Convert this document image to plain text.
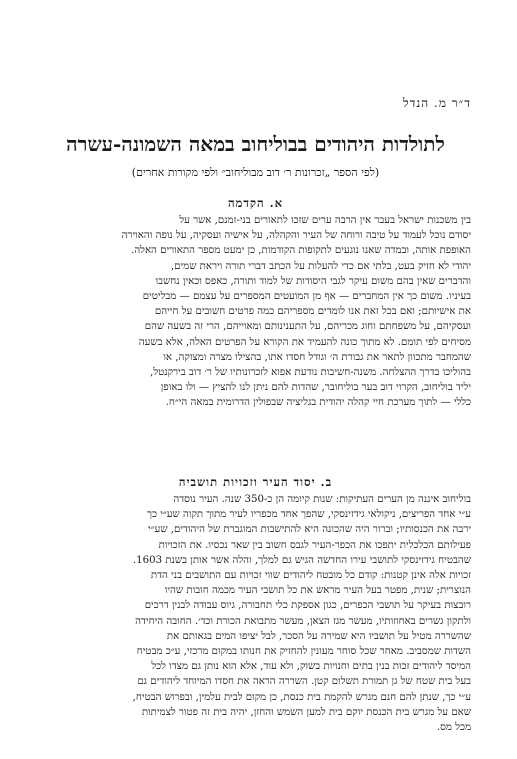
ד״ר מ. הנדל
לתולדות היהודים בבוליחוב במאה השמונה-עשרה
(לפי הספר „זכרונות ר׳ דוב מבוליחוב״ ולפי מקורות אחרים)
א. הקדמה
בין משכנות ישראל בעבר אין הרבה ערים שזכו לתאורים בני-זמנם, אשר על
יסודם נוכל לעמוד על טיבה ורוחה של העיר והקהלה, על אישיה ועסקיה, על נופה והאוירה
האופפת אותה, ובמדה שאנו נוגעים לתקופות הקודמות, כן ימעט מספר התאורים האלה.
יהודי לא חזיק בעט, בלתי אם כדי להעלות על הכתב דברי תורה ויראת שמים,
והדברים שאין בהם משום עיקר לגבי היסודות של למוד ותורה, כאפס וכאין נחשבו
בעיניו. משום כך אין המחברים — אף מן המועטים המספרים על עצמם — מבליטים
את אישיותם; ואם בכל זאת אנו לומדים מספריהם כמה פרטים חשובים על חייהם
ועסקיהם, על משפחתם וחוג מכריהם, על התענינותם ומאוייהם, הרי זה בשעה שהם
מסיחים לפי תומם. לא מתוך כונה להעמיד את הקורא על הפרטים האלה, אלא בשעה
שהמחבר מתכוון לתאר את גבורת ה׳ וגודל חסדו אתו, בהצילו מצרה ומצוקה, או
בהוליכו בדרך ההצלחה. משנה-חשיבות נודעת אפוא לזכרונותיו של ר׳ דוב בירקנטל,
יליד בוליחוב, הקרוי דוב בער בוליחובר, שהדות להם ניתן לנו להציץ — ולו באופן
כללי — לתוך מערכת חיי קהלה יהודית בגליציה שבפולין הדרומית במאה הי״ח.
ב. יסוד העיר וזכויות תושביה
בוליחוב איננה מן הערים העתיקות: שנות קיומה הן כ-350 שנה. העיר נוסדה
ע״י אחד הפריצים, ניקולאי גידזינסקי, שהפך אחד מכפריו לעיר מתוך תקוה שע״י כך
ירבה את הכנסותיו; וברור היה שהכונה היא להתישבות המוגברת של היהודים, שע״י
פעילותם הכלכלית יתפכו את הכפר-העיר לגבס חשוב בין שאר נכסיו. את הזכויות
שהבטיח גידזינסקי לתושבי עירו החדשה הגיש גם למלך, והלה אשר אותן בשנת 1603.
זכויות אלה אינן קטנות: קודם כל מובטח ליהודים שווי זכויות עם התושבים בני הדת
הנוצרית; שנית, מפטר בעל העיר מראש את כל תושבי העיר מכמה חובות שהיו
רובצות בעיקר על תושבי הכפרים, כגון אספקת כלי תחבורה, גיוס עבודה לבנין דרכים
ולתקון גשרים באחוזותיו, מעשר מגז הצאן, מעשר מתבואת הכורת וכד׳. החובה היחידה
שהשררה מטיל על תושביו היא שמירה על הסכר, לבל יציפו המים בגאותם את
השדות שמסביב. מאחר שכל סוחר מעונין להחזיק את חנותו במקום מרכזי, ע״כ מבטיח
המיסד ליהודים זכות בנין בתים וחנויות בשוק, ולא עוד, אלא הוא נותן גם מצדו לכל
בעל בית שטח של גן תמורת תשלום קטן. השררה הראה את חסדו המיוחד ליהודים גם
ע״י כך, שנתן להם חנם מגרש להקמת בית כנסת, כן מקום לבית עלמין, ובפרוש הבטיח,
שאם על מגרש בית הכנסת יוקם בית למען השמש והחזן, יהיה בית זה פטור לצמיתות
מכל מס.
